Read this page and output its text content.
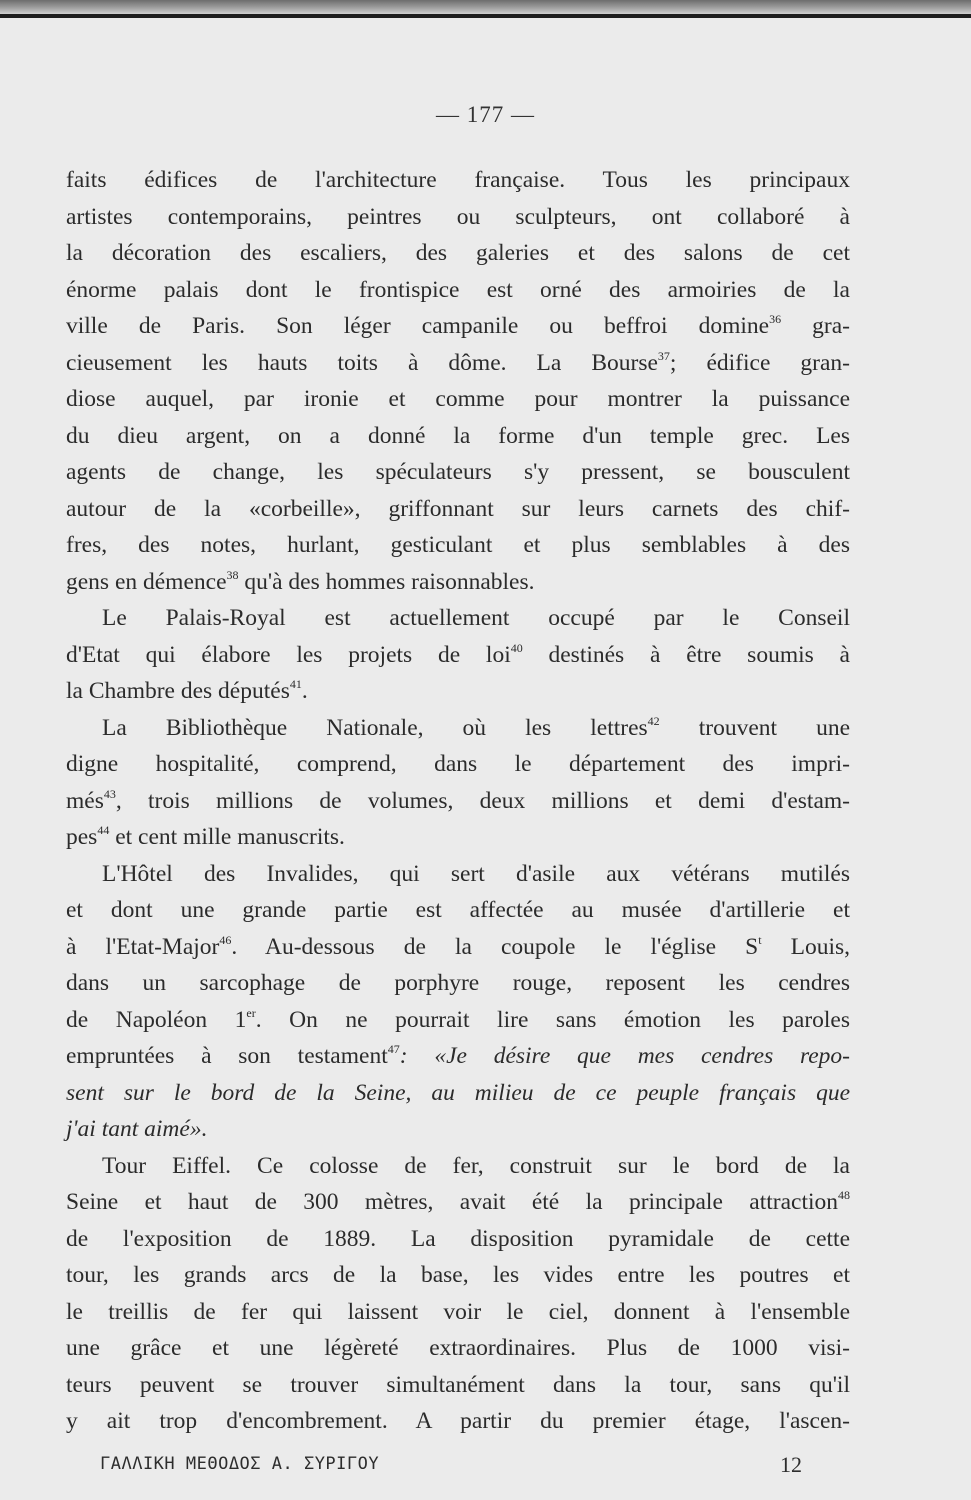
— 177 —
faits édifices de l'architecture française. Tous les principaux
artistes contemporains, peintres ou sculpteurs, ont collaboré à
la décoration des escaliers, des galeries et des salons de cet
énorme palais dont le frontispice est orné des armoiries de la
ville de Paris. Son léger campanile ou beffroi domine$^{36}$ gra-
cieusement les hauts toits à dôme. La Bourse$^{37}$; édifice gran-
diose auquel, par ironie et comme pour montrer la puissance
du dieu argent, on a donné la forme d'un temple grec. Les
agents de change, les spéculateurs s'y pressent, se bousculent
autour de la «corbeille», griffonnant sur leurs carnets des chif-
fres, des notes, hurlant, gesticulant et plus semblables à des
gens en démence$^{38}$ qu'à des hommes raisonnables.
Le Palais-Royal est actuellement occupé par le Conseil
d'Etat qui élabore les projets de loi$^{40}$ destinés à être soumis à
la Chambre des députés$^{41}$.
La Bibliothèque Nationale, où les lettres$^{42}$ trouvent une
digne hospitalité, comprend, dans le département des impri-
més$^{43}$, trois millions de volumes, deux millions et demi d'estam-
pes$^{44}$ et cent mille manuscrits.
L'Hôtel des Invalides, qui sert d'asile aux vétérans mutilés
et dont une grande partie est affectée au musée d'artillerie et
à l'Etat-Major$^{46}$. Au-dessous de la coupole le l'église $S^t$ Louis,
dans un sarcophage de porphyre rouge, reposent les cendres
de Napoléon 1er. On ne pourrait lire sans émotion les paroles
empruntées à son testament$^{47}$: «Je désire que mes cendres repo-
sent sur le bord de la Seine, au milieu de ce peuple français que
j'ai tant aimé».
Tour Eiffel. Ce colosse de fer, construit sur le bord de la
Seine et haut de 300 mètres, avait été la principale attraction$^{48}$
de l'exposition de 1889. La disposition pyramidale de cette
tour, les grands arcs de la base, les vides entre les poutres et
le treillis de fer qui laissent voir le ciel, donnent à l'ensemble
une grâce et une légèreté extraordinaires. Plus de 1000 visi-
teurs peuvent se trouver simultanément dans la tour, sans qu'il
y ait trop d'encombrement. A partir du premier étage, l'ascen-
ΓΑΛΛΙΚΗ ΜΕΘΟΔΟΣ Α. ΣΥΡΙΓΟΥ	12
